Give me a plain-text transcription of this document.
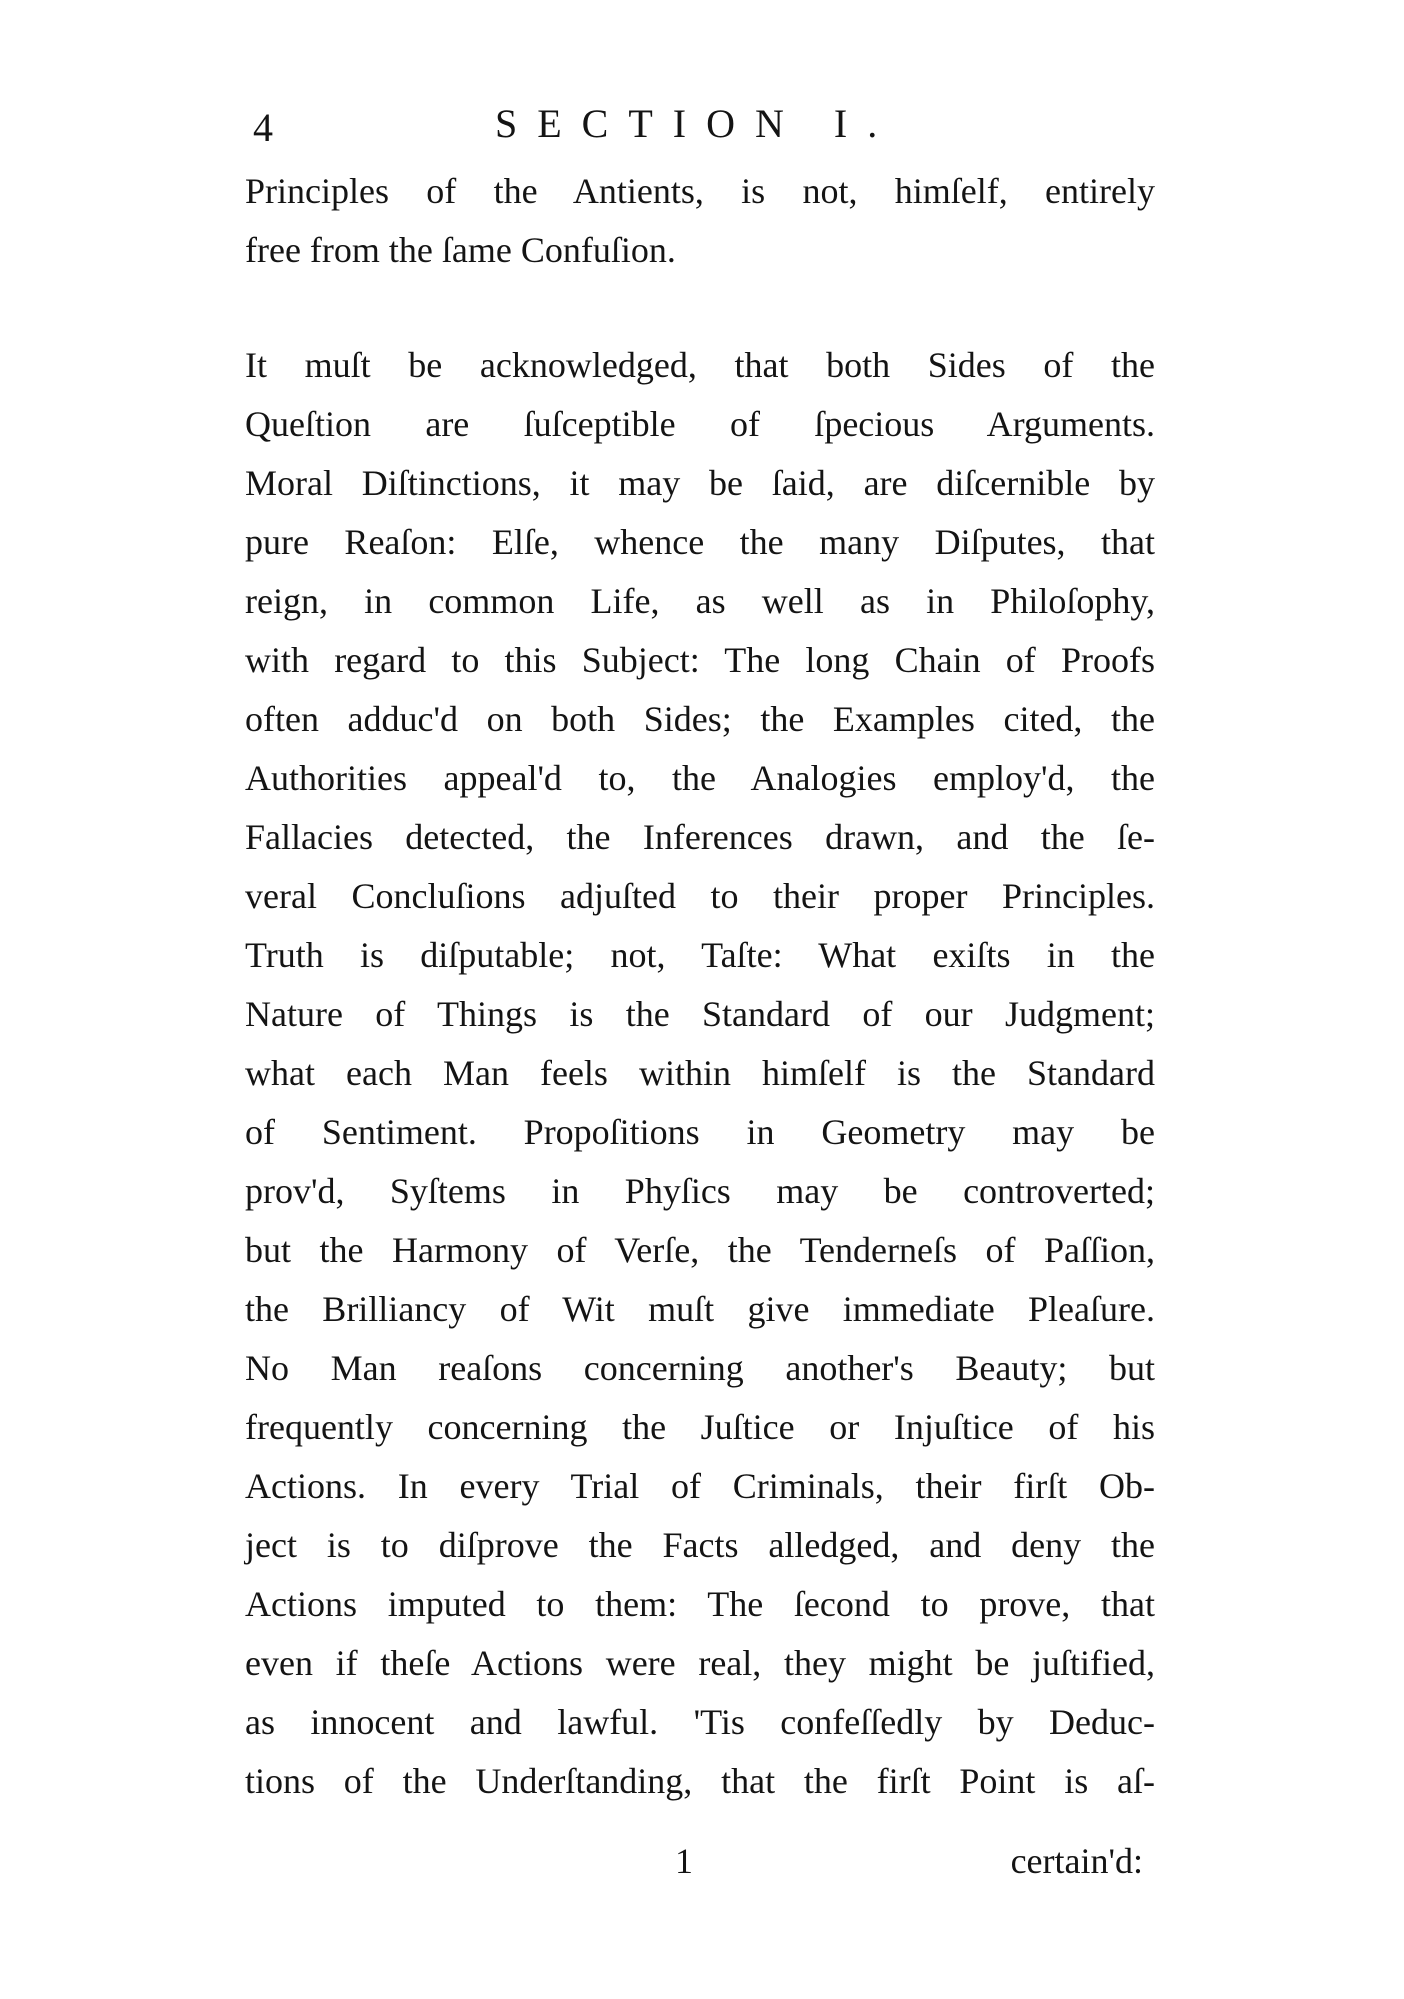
4	SECTION I.
Principles of the Antients, is not, himſelf, entirely
free from the ſame Confuſion.
It muſt be acknowledged, that both Sides of the
Queſtion are ſuſceptible of ſpecious Arguments.
Moral Diſtinctions, it may be ſaid, are diſcernible by
pure Reaſon: Elſe, whence the many Diſputes, that
reign, in common Life, as well as in Philoſophy,
with regard to this Subject: The long Chain of Proofs
often adduc'd on both Sides; the Examples cited, the
Authorities appeal'd to, the Analogies employ'd, the
Fallacies detected, the Inferences drawn, and the ſe-
veral Concluſions adjuſted to their proper Principles.
Truth is diſputable; not, Taſte: What exiſts in the
Nature of Things is the Standard of our Judgment;
what each Man feels within himſelf is the Standard
of Sentiment. Propoſitions in Geometry may be
prov'd, Syſtems in Phyſics may be controverted;
but the Harmony of Verſe, the Tenderneſs of Paſſion,
the Brilliancy of Wit muſt give immediate Pleaſure.
No Man reaſons concerning another's Beauty; but
frequently concerning the Juſtice or Injuſtice of his
Actions. In every Trial of Criminals, their firſt Ob-
ject is to diſprove the Facts alledged, and deny the
Actions imputed to them: The ſecond to prove, that
even if theſe Actions were real, they might be juſtified,
as innocent and lawful. 'Tis confeſſedly by Deduc-
tions of the Underſtanding, that the firſt Point is aſ-
1	certain'd:
